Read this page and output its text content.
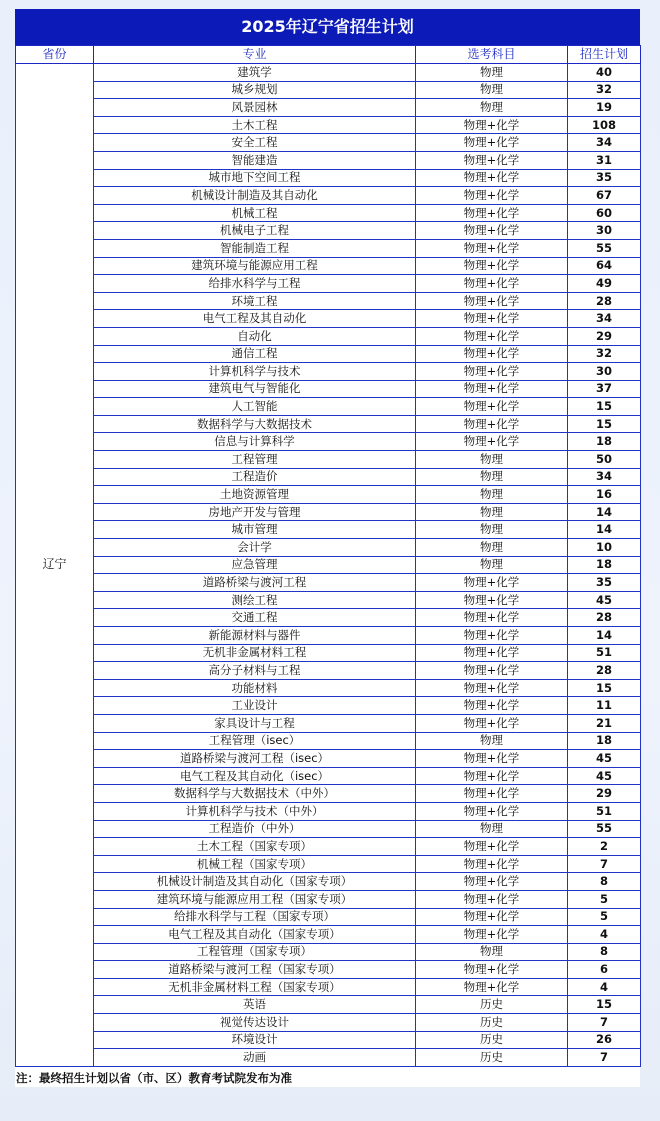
2025年辽宁省招生计划
省份	专业	选考科目	招生计划
辽宁	建筑学	物理	40
	城乡规划	物理	32
	风景园林	物理	19
	土木工程	物理+化学	108
	安全工程	物理+化学	34
	智能建造	物理+化学	31
	城市地下空间工程	物理+化学	35
	机械设计制造及其自动化	物理+化学	67
	机械工程	物理+化学	60
	机械电子工程	物理+化学	30
	智能制造工程	物理+化学	55
	建筑环境与能源应用工程	物理+化学	64
	给排水科学与工程	物理+化学	49
	环境工程	物理+化学	28
	电气工程及其自动化	物理+化学	34
	自动化	物理+化学	29
	通信工程	物理+化学	32
	计算机科学与技术	物理+化学	30
	建筑电气与智能化	物理+化学	37
	人工智能	物理+化学	15
	数据科学与大数据技术	物理+化学	15
	信息与计算科学	物理+化学	18
	工程管理	物理	50
	工程造价	物理	34
	土地资源管理	物理	16
	房地产开发与管理	物理	14
	城市管理	物理	14
	会计学	物理	10
	应急管理	物理	18
	道路桥梁与渡河工程	物理+化学	35
	测绘工程	物理+化学	45
	交通工程	物理+化学	28
	新能源材料与器件	物理+化学	14
	无机非金属材料工程	物理+化学	51
	高分子材料与工程	物理+化学	28
	功能材料	物理+化学	15
	工业设计	物理+化学	11
	家具设计与工程	物理+化学	21
	工程管理（isec）	物理	18
	道路桥梁与渡河工程（isec）	物理+化学	45
	电气工程及其自动化（isec）	物理+化学	45
	数据科学与大数据技术（中外）	物理+化学	29
	计算机科学与技术（中外）	物理+化学	51
	工程造价（中外）	物理	55
	土木工程（国家专项）	物理+化学	2
	机械工程（国家专项）	物理+化学	7
	机械设计制造及其自动化（国家专项）	物理+化学	8
	建筑环境与能源应用工程（国家专项）	物理+化学	5
	给排水科学与工程（国家专项）	物理+化学	5
	电气工程及其自动化（国家专项）	物理+化学	4
	工程管理（国家专项）	物理	8
	道路桥梁与渡河工程（国家专项）	物理+化学	6
	无机非金属材料工程（国家专项）	物理+化学	4
	英语	历史	15
	视觉传达设计	历史	7
	环境设计	历史	26
	动画	历史	7
注：最终招生计划以省（市、区）教育考试院发布为准
